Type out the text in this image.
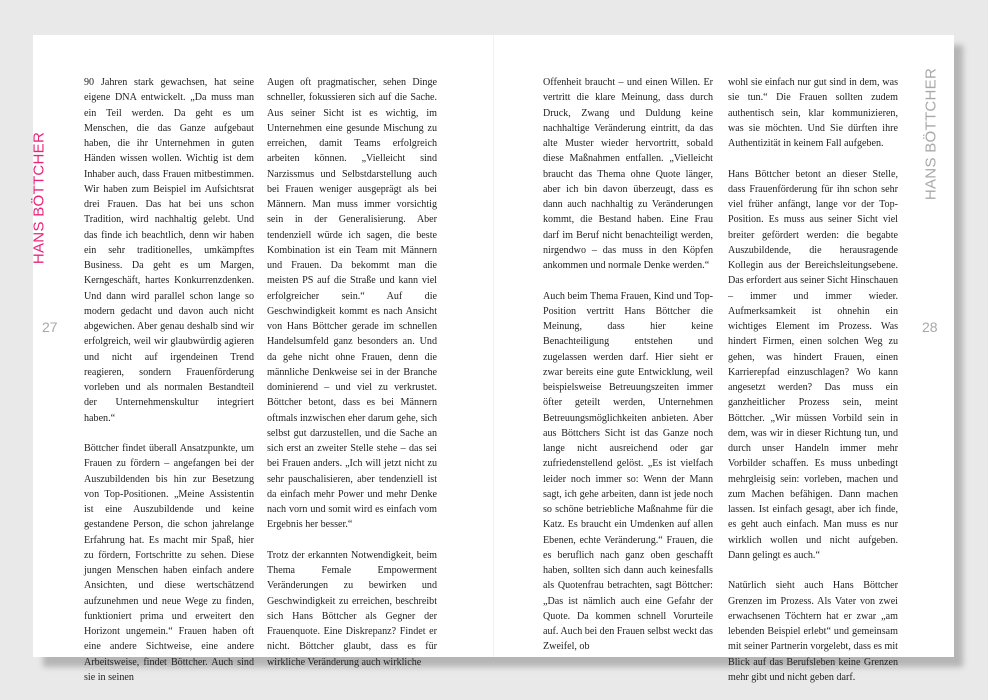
HANS BÖTTCHER	HANS BÖTTCHER
27	28

90 Jahren stark gewachsen, hat seine eigene DNA entwickelt. „Da muss man ein Teil werden. Da geht es um Menschen, die das Ganze aufgebaut haben, die ihr Unternehmen in guten Händen wissen wollen. Wichtig ist dem Inhaber auch, dass Frauen mitbestimmen. Wir haben zum Beispiel im Aufsichtsrat drei Frauen. Das hat bei uns schon Tradition, wird nachhaltig gelebt. Und das finde ich beachtlich, denn wir haben ein sehr traditionelles, umkämpftes Business. Da geht es um Margen, Kerngeschäft, hartes Konkurrenzdenken. Und dann wird parallel schon lange so modern gedacht und davon auch nicht abgewichen. Aber genau deshalb sind wir erfolgreich, weil wir glaubwürdig agieren und nicht auf irgendeinen Trend reagieren, sondern Frauenförderung vorleben und als normalen Bestandteil der Unternehmenskultur integriert haben.“

Böttcher findet überall Ansatzpunkte, um Frauen zu fördern – angefangen bei der Auszubildenden bis hin zur Besetzung von Top-Positionen. „Meine Assistentin ist eine Auszubildende und keine gestandene Person, die schon jahrelange Erfahrung hat. Es macht mir Spaß, hier zu fördern, Fortschritte zu sehen. Diese jungen Menschen haben einfach andere Ansichten, und diese wertschätzend aufzunehmen und neue Wege zu finden, funktioniert prima und erweitert den Horizont ungemein.“ Frauen haben oft eine andere Sichtweise, eine andere Arbeitsweise, findet Böttcher. Auch sind sie in seinen

Augen oft pragmatischer, sehen Dinge schneller, fokussieren sich auf die Sache. Aus seiner Sicht ist es wichtig, im Unternehmen eine gesunde Mischung zu erreichen, damit Teams erfolgreich arbeiten können. „Vielleicht sind Narzissmus und Selbstdarstellung auch bei Frauen weniger ausgeprägt als bei Männern. Man muss immer vorsichtig sein in der Generalisierung. Aber tendenziell würde ich sagen, die beste Kombination ist ein Team mit Männern und Frauen. Da bekommt man die meisten PS auf die Straße und kann viel erfolgreicher sein.“ Auf die Geschwindigkeit kommt es nach Ansicht von Hans Böttcher gerade im schnellen Handelsumfeld ganz besonders an. Und da gehe nicht ohne Frauen, denn die männliche Denkweise sei in der Branche dominierend – und viel zu verkrustet. Böttcher betont, dass es bei Männern oftmals inzwischen eher darum gehe, sich selbst gut darzustellen, und die Sache an sich erst an zweiter Stelle stehe – das sei bei Frauen anders. „Ich will jetzt nicht zu sehr pauschalisieren, aber tendenziell ist da einfach mehr Power und mehr Denke nach vorn und somit wird es einfach vom Ergebnis her besser.“

Trotz der erkannten Notwendigkeit, beim Thema Female Empowerment Veränderungen zu bewirken und Geschwindigkeit zu erreichen, beschreibt sich Hans Böttcher als Gegner der Frauenquote. Eine Diskrepanz? Findet er nicht. Böttcher glaubt, dass es für wirkliche Veränderung auch wirkliche

Offenheit braucht – und einen Willen. Er vertritt die klare Meinung, dass durch Druck, Zwang und Duldung keine nachhaltige Veränderung eintritt, da das alte Muster wieder hervortritt, sobald diese Maßnahmen entfallen. „Vielleicht braucht das Thema ohne Quote länger, aber ich bin davon überzeugt, dass es dann auch nachhaltig zu Veränderungen kommt, die Bestand haben. Eine Frau darf im Beruf nicht benachteiligt werden, nirgendwo – das muss in den Köpfen ankommen und normale Denke werden.“

Auch beim Thema Frauen, Kind und Top-Position vertritt Hans Böttcher die Meinung, dass hier keine Benachteiligung entstehen und zugelassen werden darf. Hier sieht er zwar bereits eine gute Entwicklung, weil beispielsweise Betreuungszeiten immer öfter geteilt werden, Unternehmen Betreuungsmöglichkeiten anbieten. Aber aus Böttchers Sicht ist das Ganze noch lange nicht ausreichend oder gar zufriedenstellend gelöst. „Es ist vielfach leider noch immer so: Wenn der Mann sagt, ich gehe arbeiten, dann ist jede noch so schöne betriebliche Maßnahme für die Katz. Es braucht ein Umdenken auf allen Ebenen, echte Veränderung.“ Frauen, die es beruflich nach ganz oben geschafft haben, sollten sich dann auch keinesfalls als Quotenfrau betrachten, sagt Böttcher: „Das ist nämlich auch eine Gefahr der Quote. Da kommen schnell Vorurteile auf. Auch bei den Frauen selbst weckt das Zweifel, ob

wohl sie einfach nur gut sind in dem, was sie tun.“ Die Frauen sollten zudem authentisch sein, klar kommunizieren, was sie möchten. Und Sie dürften ihre Authentizität in keinem Fall aufgeben.

Hans Böttcher betont an dieser Stelle, dass Frauenförderung für ihn schon sehr viel früher anfängt, lange vor der Top-Position. Es muss aus seiner Sicht viel breiter gefördert werden: die begabte Auszubildende, die herausragende Kollegin aus der Bereichsleitungsebene. Das erfordert aus seiner Sicht Hinschauen – immer und immer wieder. Aufmerksamkeit ist ohnehin ein wichtiges Element im Prozess. Was hindert Firmen, einen solchen Weg zu gehen, was hindert Frauen, einen Karrierepfad einzuschlagen? Wo kann angesetzt werden? Das muss ein ganzheitlicher Prozess sein, meint Böttcher. „Wir müssen Vorbild sein in dem, was wir in dieser Richtung tun, und durch unser Handeln immer mehr Vorbilder schaffen. Es muss unbedingt mehrgleisig sein: vorleben, machen und zum Machen befähigen. Dann machen lassen. Ist einfach gesagt, aber ich finde, es geht auch einfach. Man muss es nur wirklich wollen und nicht aufgeben. Dann gelingt es auch.“

Natürlich sieht auch Hans Böttcher Grenzen im Prozess. Als Vater von zwei erwachsenen Töchtern hat er zwar „am lebenden Beispiel erlebt“ und gemeinsam mit seiner Partnerin vorgelebt, dass es mit Blick auf das Berufsleben keine Grenzen mehr gibt und nicht geben darf.
